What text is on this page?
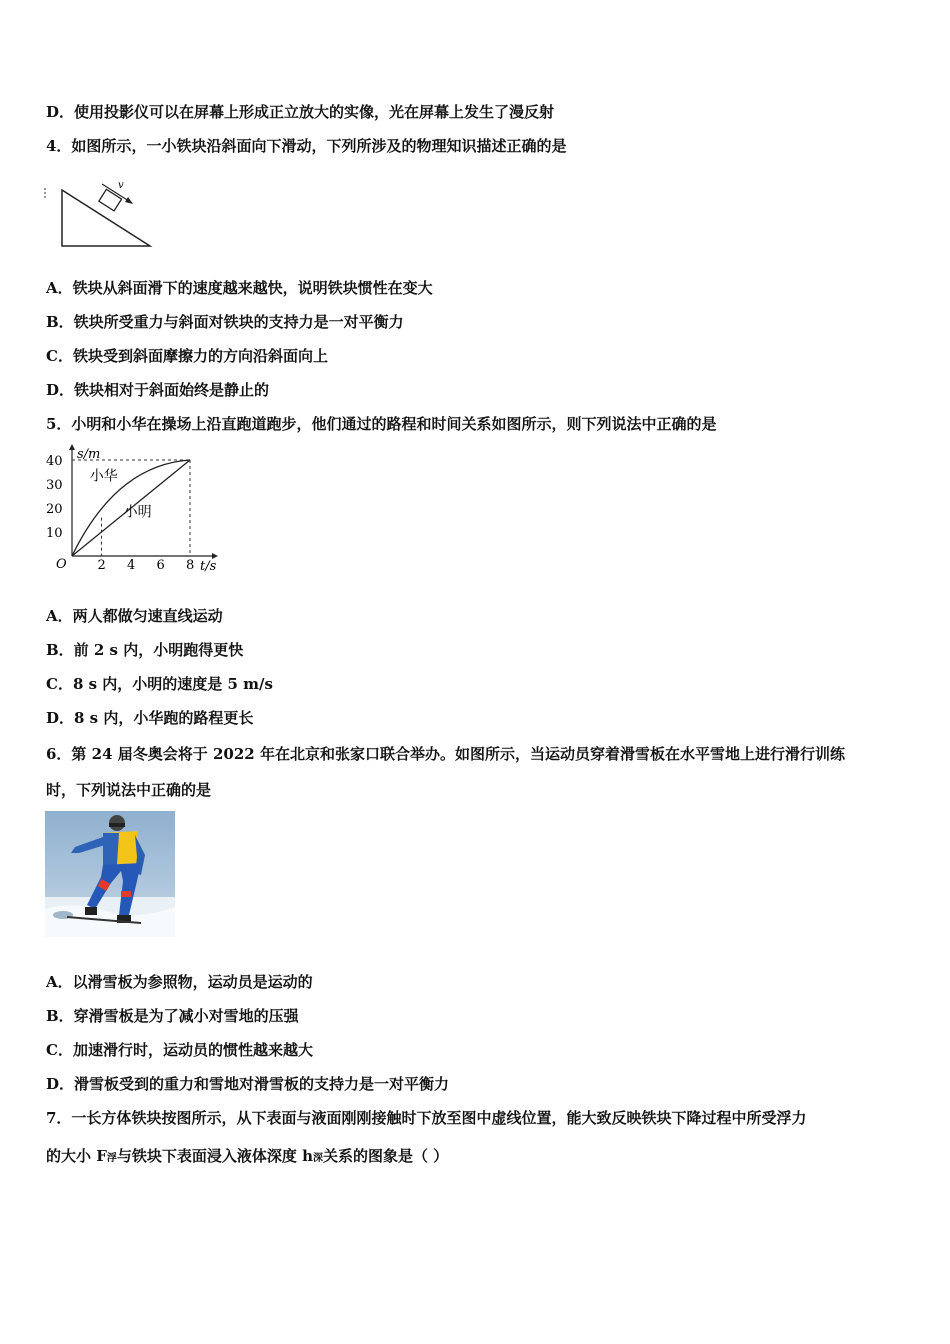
D．使用投影仪可以在屏幕上形成正立放大的实像，光在屏幕上发生了漫反射
4．如图所示，一小铁块沿斜面向下滑动，下列所涉及的物理知识描述正确的是
v
A．铁块从斜面滑下的速度越来越快，说明铁块惯性在变大
B．铁块所受重力与斜面对铁块的支持力是一对平衡力
C．铁块受到斜面摩擦力的方向沿斜面向上
D．铁块相对于斜面始终是静止的
5．小明和小华在操场上沿直跑道跑步，他们通过的路程和时间关系如图所示，则下列说法中正确的是
s/m
t/s
O 2 4 6 8
10
20
30
40
小华
小明
A．两人都做匀速直线运动
B．前 2 s 内，小明跑得更快
C．8 s 内，小明的速度是 5 m/s
D．8 s 内，小华跑的路程更长
6．第 24 届冬奥会将于 2022 年在北京和张家口联合举办。如图所示，当运动员穿着滑雪板在水平雪地上进行滑行训练
时，下列说法中正确的是
A．以滑雪板为参照物，运动员是运动的
B．穿滑雪板是为了减小对雪地的压强
C．加速滑行时，运动员的惯性越来越大
D．滑雪板受到的重力和雪地对滑雪板的支持力是一对平衡力
7．一长方体铁块按图所示，从下表面与液面刚刚接触时下放至图中虚线位置，能大致反映铁块下降过程中所受浮力
的大小 F浮与铁块下表面浸入液体深度 h深关系的图象是（ ）
